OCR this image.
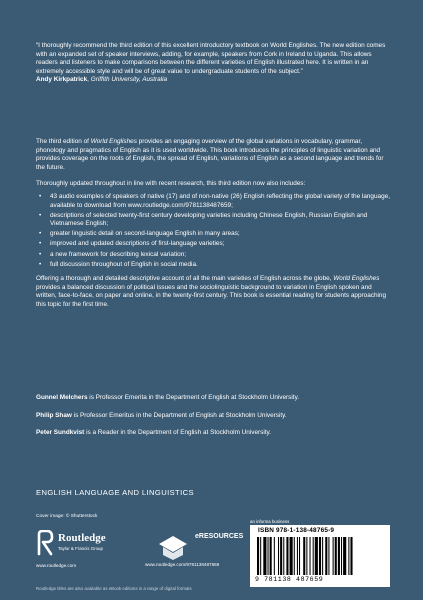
“I thoroughly recommend the third edition of this excellent introductory textbook on World Englishes. The new edition comes with an expanded set of speaker interviews, adding, for example, speakers from Cork in Ireland to Uganda. This allows readers and listeners to make comparisons between the different varieties of English illustrated here. It is written in an extremely accessible style and will be of great value to undergraduate students of the subject.”
Andy Kirkpatrick, Griffith University, Australia

The third edition of World Englishes provides an engaging overview of the global variations in vocabulary, grammar, phonology and pragmatics of English as it is used worldwide. This book introduces the principles of linguistic variation and provides coverage on the roots of English, the spread of English, variations of English as a second language and trends for the future.

Thoroughly updated throughout in line with recent research, this third edition now also includes:

• 43 audio examples of speakers of native (17) and of non-native (26) English reflecting the global variety of the language, available to download from www.routledge.com/9781138487659;
• descriptions of selected twenty-first century developing varieties including Chinese English, Russian English and Vietnamese English;
• greater linguistic detail on second-language English in many areas;
• improved and updated descriptions of first-language varieties;
• a new framework for describing lexical variation;
• full discussion throughout of English in social media.

Offering a thorough and detailed descriptive account of all the main varieties of English across the globe, World Englishes provides a balanced discussion of political issues and the sociolinguistic background to variation in English spoken and written, face-to-face, on paper and online, in the twenty-first century. This book is essential reading for students approaching this topic for the first time.

Gunnel Melchers is Professor Emerita in the Department of English at Stockholm University.

Philip Shaw is Professor Emeritus in the Department of English at Stockholm University.

Peter Sundkvist is a Reader in the Department of English at Stockholm University.

ENGLISH LANGUAGE AND LINGUISTICS
Cover image: © Shutterstock
Routledge
Taylor & Francis Group
www.routledge.com
eRESOURCES
www.routledge.com/9781138487659
an informa business
ISBN 978-1-138-48765-9
9 781138 487659
Routledge titles are also available as eBook editions in a range of digital formats
